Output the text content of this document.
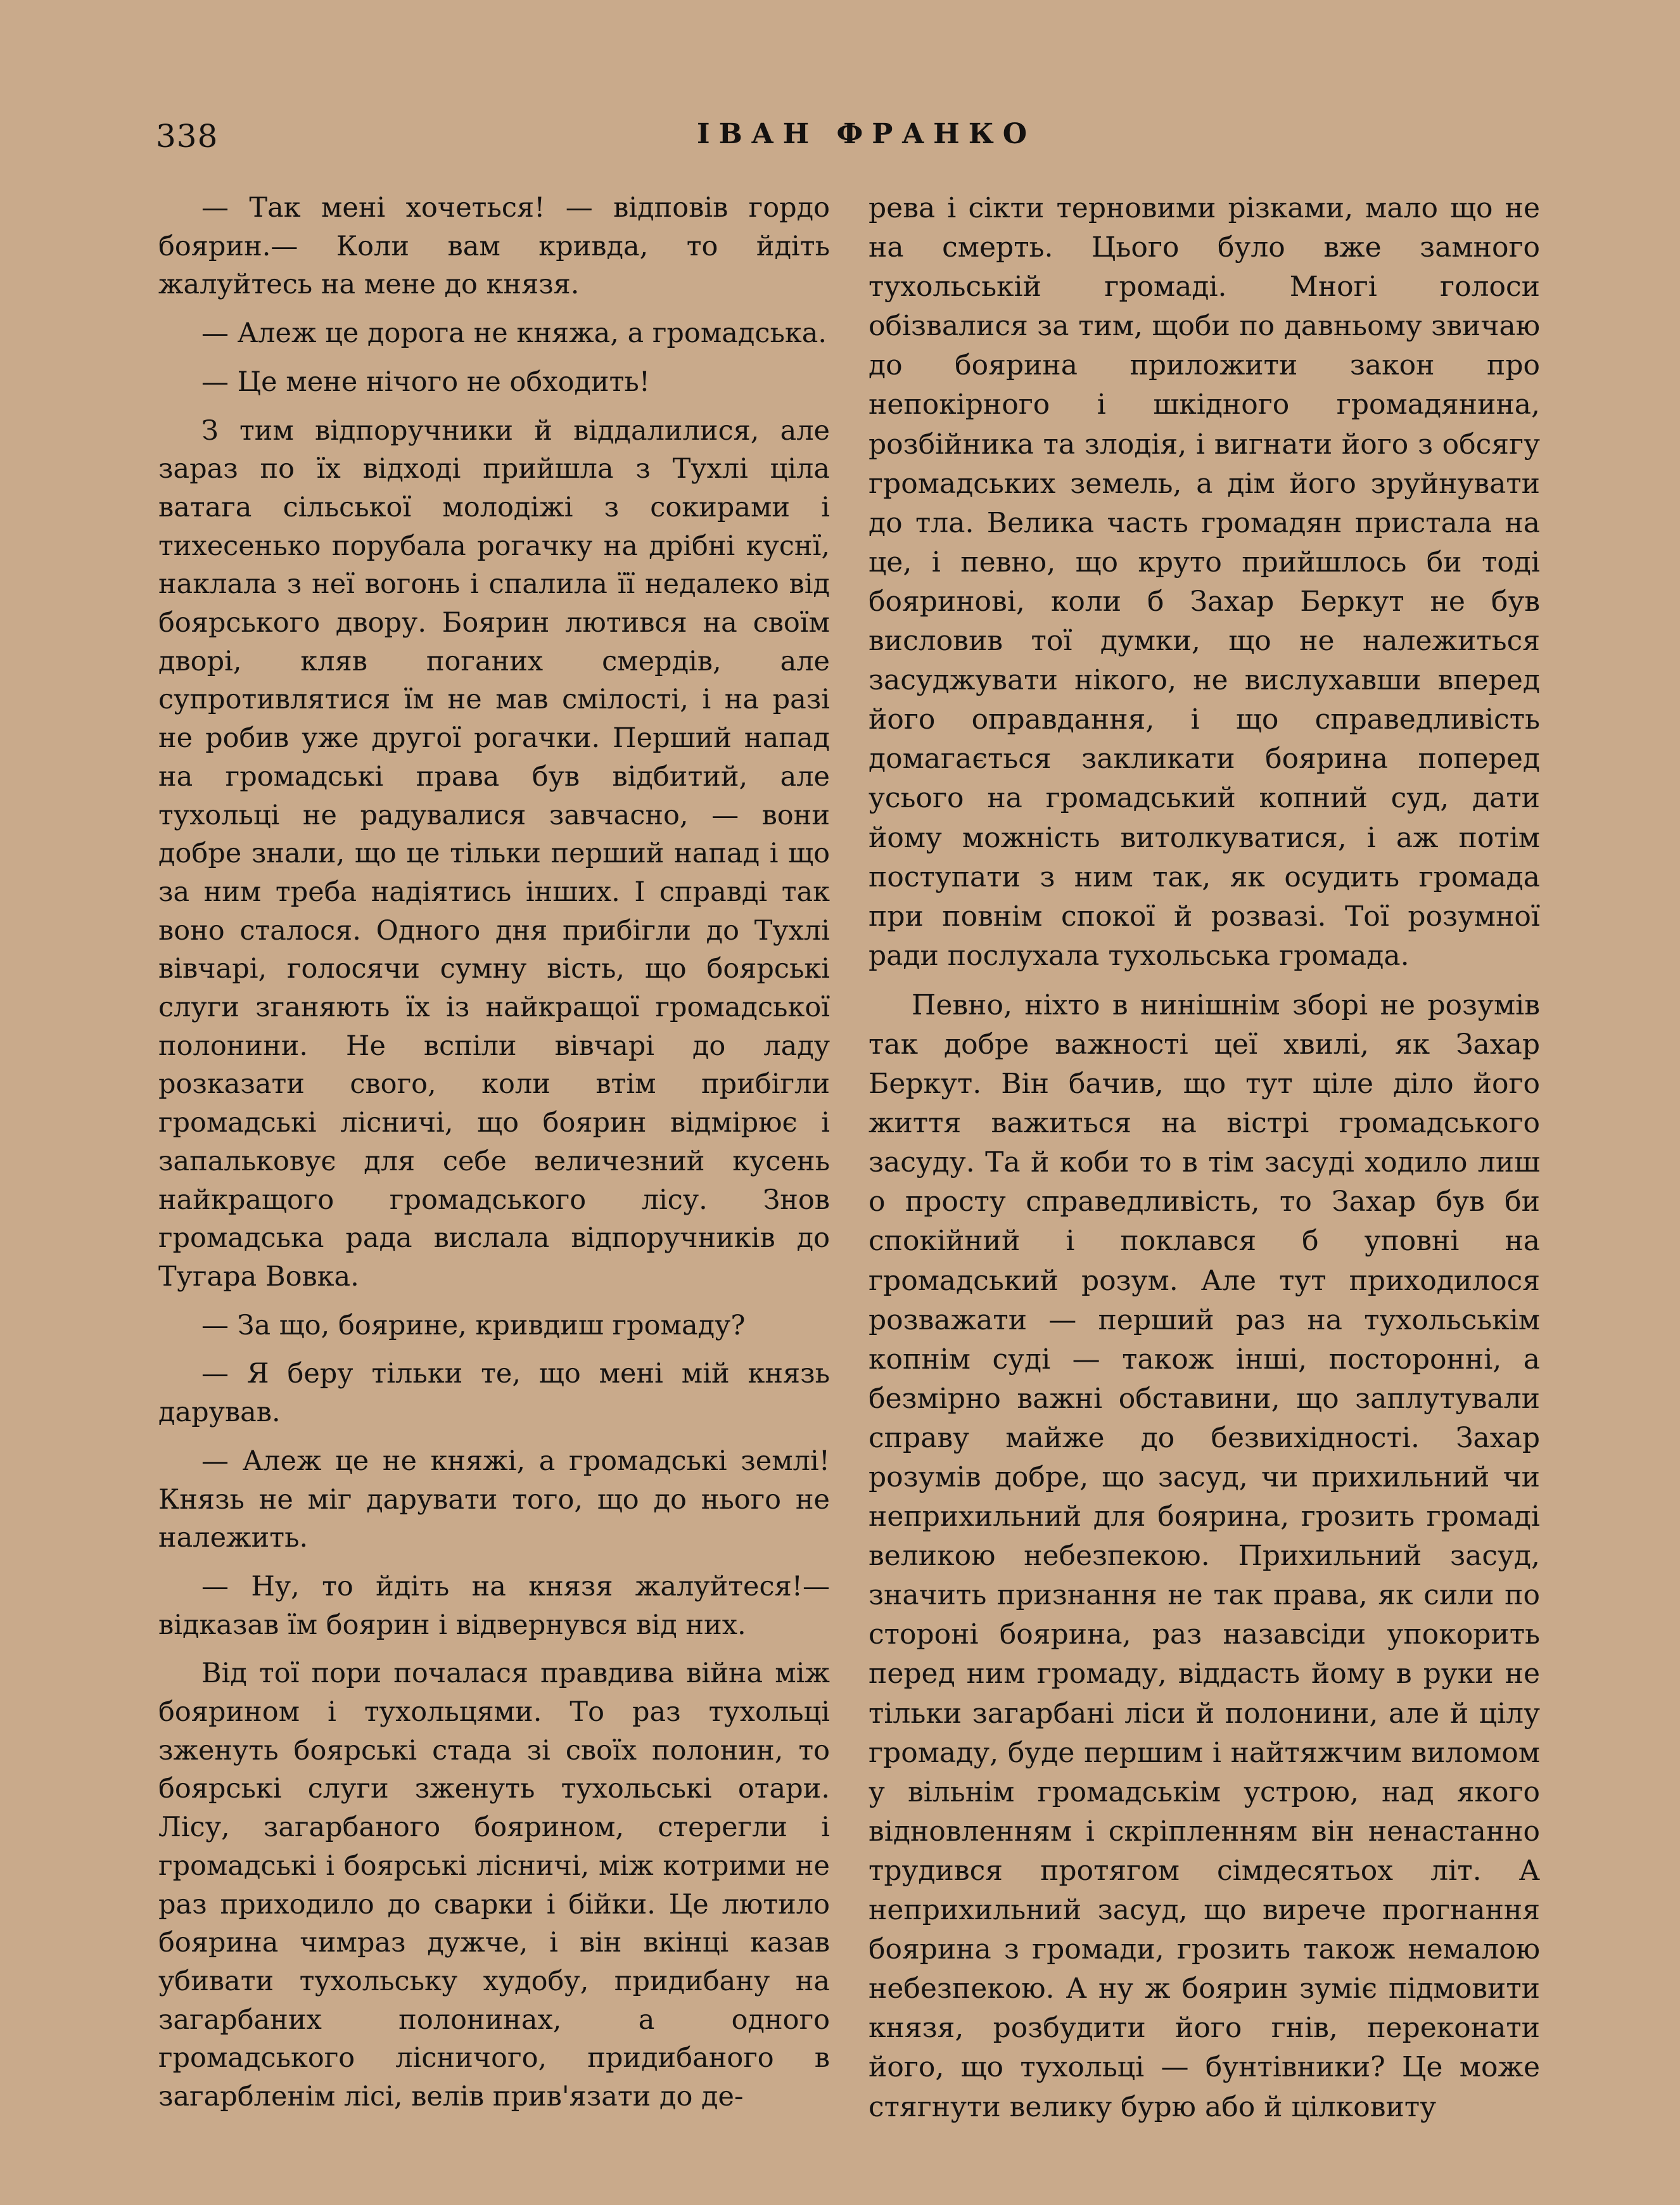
338	ІВАН ФРАНКО

— Так мені хочеться! — відповів гордо боярин.— Коли вам кривда, то йдіть жалуйтесь на мене до князя.

— Алеж це дорога не княжа, а громадська.

— Це мене нічого не обходить!

З тим відпоручники й віддалилися, але зараз по їх відході прийшла з Тухлі ціла ватага сільської молодіжі з сокирами і тихесенько порубала рогачку на дрібні куснї, наклала з неї вогонь і спалила її недалеко від боярського двору. Боярин лютився на своїм дворі, кляв поганих смердів, але супротивлятися їм не мав смілості, і на разі не робив уже другої рогачки. Перший напад на громадські права був відбитий, але тухольці не радувалися завчасно, — вони добре знали, що це тільки перший напад і що за ним треба надіятись інших. І справді так воно сталося. Одного дня прибігли до Тухлі вівчарі, голосячи сумну вість, що боярські слуги зганяють їх із найкращої громадської полонини. Не вспіли вівчарі до ладу розказати свого, коли втім прибігли громадські лісничі, що боярин відмірює і запальковує для себе величезний кусень найкращого громадського лісу. Знов громадська рада вислала відпоручників до Тугара Вовка.

— За що, бояpине, кривдиш громаду?

— Я беру тільки те, що мені мій князь дарував.

— Алеж це не княжі, а громадські землі! Князь не міг дарувати того, що до нього не належить.

— Ну, то йдіть на князя жалуйтеся!— відказав їм боярин і відвернувся від них.

Від тої пори почалася правдива війна між боярином і тухольцями. То раз тухольці зженуть боярські стада зі своїх полонин, то боярські слуги зженуть тухольські отари. Лісу, загарбаного боярином, стерегли і громадські і боярські лісничі, між котрими не раз приходило до сварки і бійки. Це лютило боярина чимраз дужче, і він вкінці казав убивати тухольську худобу, придибану на загарбаних полонинах, а одного громадського лісничого, придибаного в загарбленім лісі, велів прив'язати до де-

рева і сікти терновими різками, мало що не на смерть. Цього було вже замного тухольській громаді. Многі голоси обізвалися за тим, щоби по давньому звичаю до боярина приложити закон про непокірного і шкідного громадянина, розбійника та злодія, і вигнати його з обсягу громадських земель, а дім його зруйнувати до тла. Велика часть громадян пристала на це, і певно, що круто прийшлось би тоді бояринові, коли б Захар Беркут не був висловив тої думки, що не належиться засуджувати нікого, не вислухавши вперед його оправдання, і що справедливість домагається закликати боярина поперед усього на громадський копний суд, дати йому можність витолкуватися, і аж потім поступати з ним так, як осудить громада при повнім спокої й розвазі. Тої розумної ради послухала тухольська громада.

Певно, ніхто в нинішнім зборі не розумів так добре важності цеї хвилі, як Захар Беркут. Він бачив, що тут ціле діло його життя важиться на вістрі громадського засуду. Та й коби то в тім засуді ходило лиш о просту справедливість, то Захар був би спокійний і поклався б уповні на громадський розум. Але тут приходилося розважати — перший раз на тухольськім копнім суді — також інші, посторонні, а безмірно важні обставини, що заплутували справу майже до безвихідності. Захар розумів добре, що засуд, чи прихильний чи неприхильний для боярина, грозить громаді великою небезпекою. Прихильний засуд, значить признання не так права, як сили по стороні боярина, раз назавсіди упокорить перед ним громаду, віддасть йому в руки не тільки загарбані ліси й полонини, але й цілу громаду, буде першим і найтяжчим виломом у вільнім громадськім устрою, над якого відновленням і скріпленням він ненастанно трудився протягом сімдесятьох літ. А неприхильний засуд, що виречe прогнання боярина з громади, грозить також немалою небезпекою. А ну ж боярин зуміє підмовити князя, розбудити його гнів, переконати його, що тухольці — бунтівники? Це може стягнути велику бурю або й цілковиту
